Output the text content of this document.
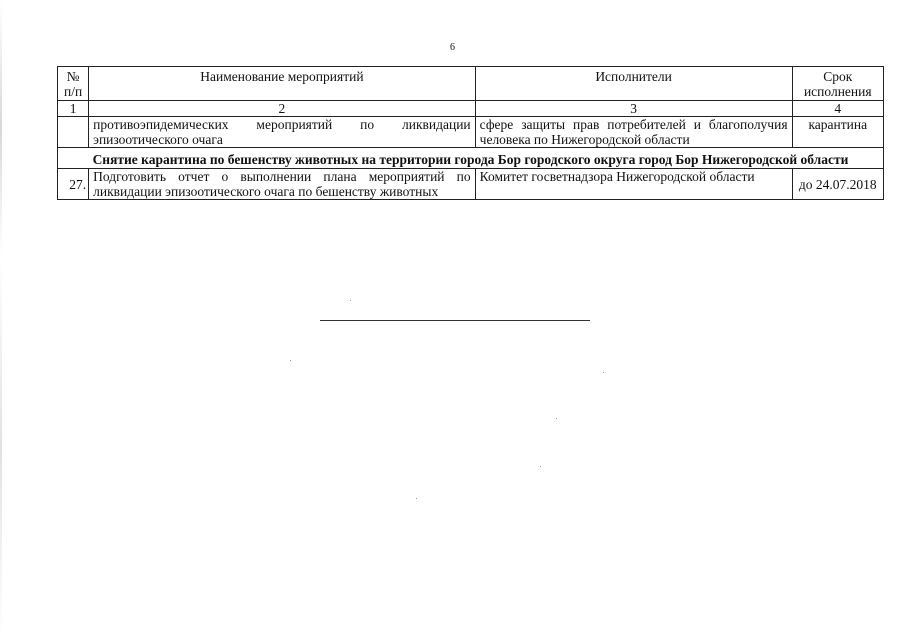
6
№ п/п	Наименование мероприятий	Исполнители	Срок исполнения
1	2	3	4
	противоэпидемических мероприятий по ликвидации эпизоотического очага	сфере защиты прав потребителей и благополучия человека по Нижегородской области	карантина
Снятие карантина по бешенству животных на территории города Бор городского округа город Бор Нижегородской области			
27.	Подготовить отчет о выполнении плана мероприятий по ликвидации эпизоотического очага по бешенству животных	Комитет госветнадзора Нижегородской области	до 24.07.2018
